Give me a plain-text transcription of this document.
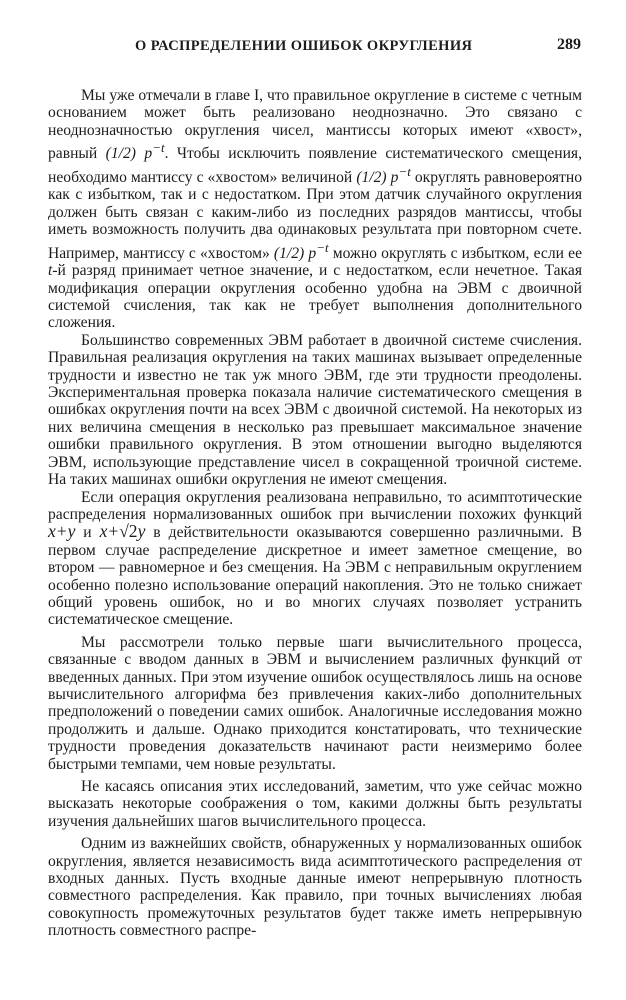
О РАСПРЕДЕЛЕНИИ ОШИБОК ОКРУГЛЕНИЯ	289

Мы уже отмечали в главе I, что правильное округление в системе с четным основанием может быть реализовано неоднозначно. Это связано с неоднозначностью округления чисел, мантиссы которых имеют «хвост», равный (1/2) $p^{-t}$. Чтобы исключить появление систематического смещения, необходимо мантиссу с «хвостом» величиной (1/2) $p^{-t}$ округлять равновероятно как с избытком, так и с недостатком. При этом датчик случайного округления должен быть связан с каким-либо из последних разрядов мантиссы, чтобы иметь возможность получить два одинаковых результата при повторном счете. Например, мантиссу с «хвостом» (1/2) $p^{-t}$ можно округлять с избытком, если ее t-й разряд принимает четное значение, и с недостатком, если нечетное. Такая модификация операции округления особенно удобна на ЭВМ с двоичной системой счисления, так как не требует выполнения дополнительного сложения.

Большинство современных ЭВМ работает в двоичной системе счисления. Правильная реализация округления на таких машинах вызывает определенные трудности и известно не так уж много ЭВМ, где эти трудности преодолены. Экспериментальная проверка показала наличие систематического смещения в ошибках округления почти на всех ЭВМ с двоичной системой. На некоторых из них величина смещения в несколько раз превышает максимальное значение ошибки правильного округления. В этом отношении выгодно выделяются ЭВМ, использующие представление чисел в сокращенной троичной системе. На таких машинах ошибки округления не имеют смещения.

Если операция округления реализована неправильно, то асимптотические распределения нормализованных ошибок при вычислении похожих функций x+y и x+√2y в действительности оказываются совершенно различными. В первом случае распределение дискретное и имеет заметное смещение, во втором — равномерное и без смещения. На ЭВМ с неправильным округлением особенно полезно использование операций накопления. Это не только снижает общий уровень ошибок, но и во многих случаях позволяет устранить систематическое смещение.

Мы рассмотрели только первые шаги вычислительного процесса, связанные с вводом данных в ЭВМ и вычислением различных функций от введенных данных. При этом изучение ошибок осуществлялось лишь на основе вычислительного алгорифма без привлечения каких-либо дополнительных предположений о поведении самих ошибок. Аналогичные исследования можно продолжить и дальше. Однако приходится констатировать, что технические трудности проведения доказательств начинают расти неизмеримо более быстрыми темпами, чем новые результаты.

Не касаясь описания этих исследований, заметим, что уже сейчас можно высказать некоторые соображения о том, какими должны быть результаты изучения дальнейших шагов вычислительного процесса.

Одним из важнейших свойств, обнаруженных у нормализованных ошибок округления, является независимость вида асимптотического распределения от входных данных. Пусть входные данные имеют непрерывную плотность совместного распределения. Как правило, при точных вычислениях любая совокупность промежуточных результатов будет также иметь непрерывную плотность совместного распре-
